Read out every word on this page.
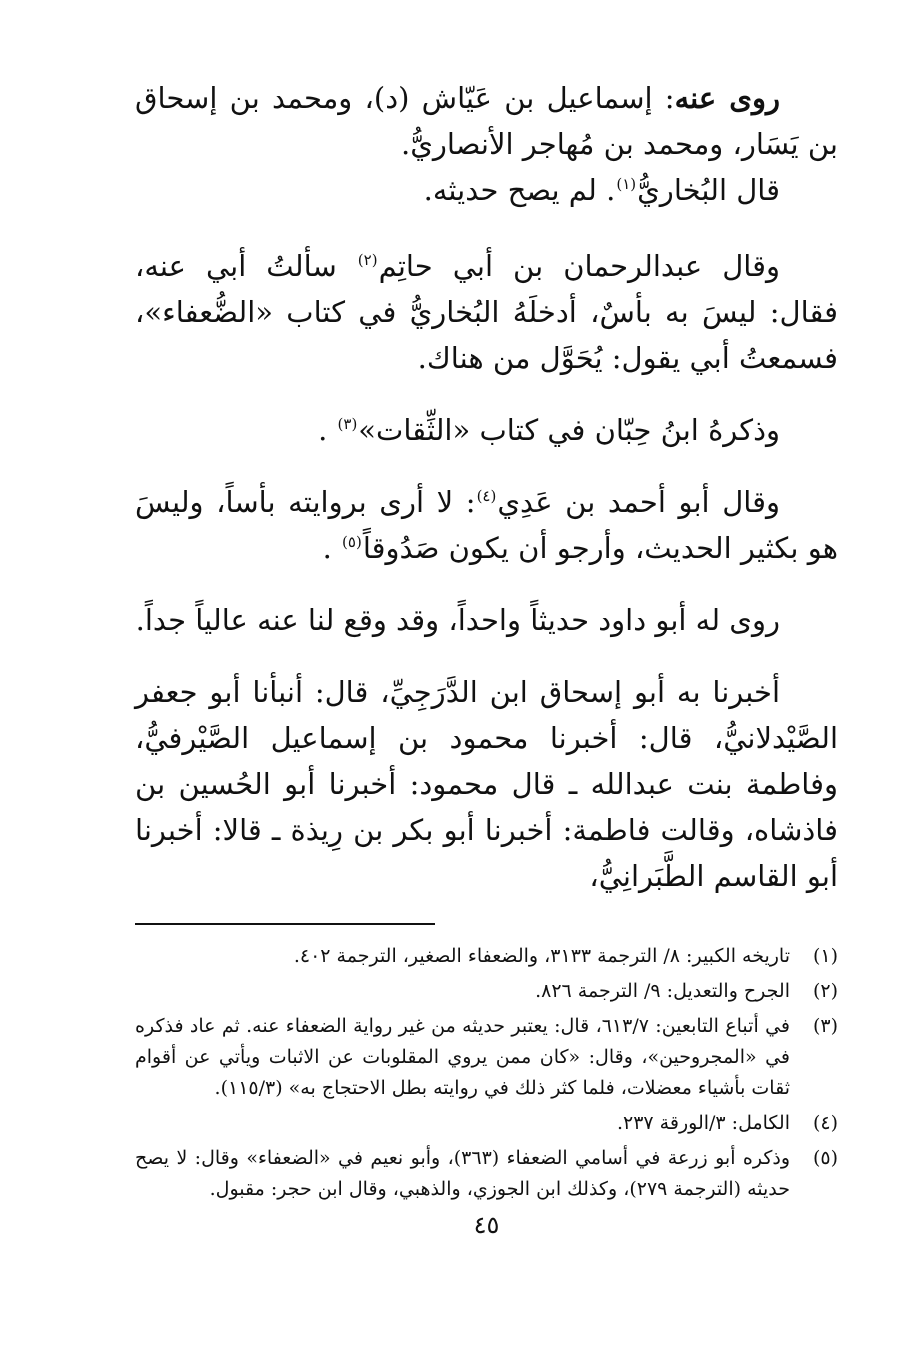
روى عنه: إسماعيل بن عَيّاش (د)، ومحمد بن إسحاق بن يَسَار، ومحمد بن مُهاجر الأنصاريُّ.

قال البُخاريُّ$^{(١)}$. لم يصح حديثه.

وقال عبدالرحمان بن أبي حاتِم$^{(٢)}$ سألتُ أبي عنه، فقال: ليسَ به بأسٌ، أدخلَهُ البُخاريُّ في كتاب «الضُّعفاء»، فسمعتُ أبي يقول: يُحَوَّل من هناك.

وذكرهُ ابنُ حِبّان في كتاب «الثِّقات»$^{(٣)}$ .

وقال أبو أحمد بن عَدِي$^{(٤)}$: لا أرى بروايته بأساً، وليسَ هو بكثير الحديث، وأرجو أن يكون صَدُوقاً$^{(٥)}$ .

روى له أبو داود حديثاً واحداً، وقد وقع لنا عنه عالياً جداً.

أخبرنا به أبو إسحاق ابن الدَّرَجِيِّ، قال: أنبأنا أبو جعفر الصَّيْدلانيُّ، قال: أخبرنا محمود بن إسماعيل الصَّيْرفيُّ، وفاطمة بنت عبدالله ـ قال محمود: أخبرنا أبو الحُسين بن فاذشاه، وقالت فاطمة: أخبرنا أبو بكر بن رِيذة ـ قالا: أخبرنا أبو القاسم الطَّبَرانِيُّ،

(١)
تاريخه الكبير: ٨/ الترجمة ٣١٣٣، والضعفاء الصغير، الترجمة ٤٠٢.
(٢)
الجرح والتعديل: ٩/ الترجمة ٨٢٦.
(٣)
في أتباع التابعين: ٦١٣/٧، قال: يعتبر حديثه من غير رواية الضعفاء عنه. ثم عاد فذكره في «المجروحين»، وقال: «كان ممن يروي المقلوبات عن الاثبات ويأتي عن أقوام ثقات بأشياء معضلات، فلما كثر ذلك في روايته بطل الاحتجاج به» (١١٥/٣).
(٤)
الكامل: ٣/الورقة ٢٣٧.
(٥)
وذكره أبو زرعة في أسامي الضعفاء (٣٦٣)، وأبو نعيم في «الضعفاء» وقال: لا يصح حديثه (الترجمة ٢٧٩)، وكذلك ابن الجوزي، والذهبي، وقال ابن حجر: مقبول.
٤٥
